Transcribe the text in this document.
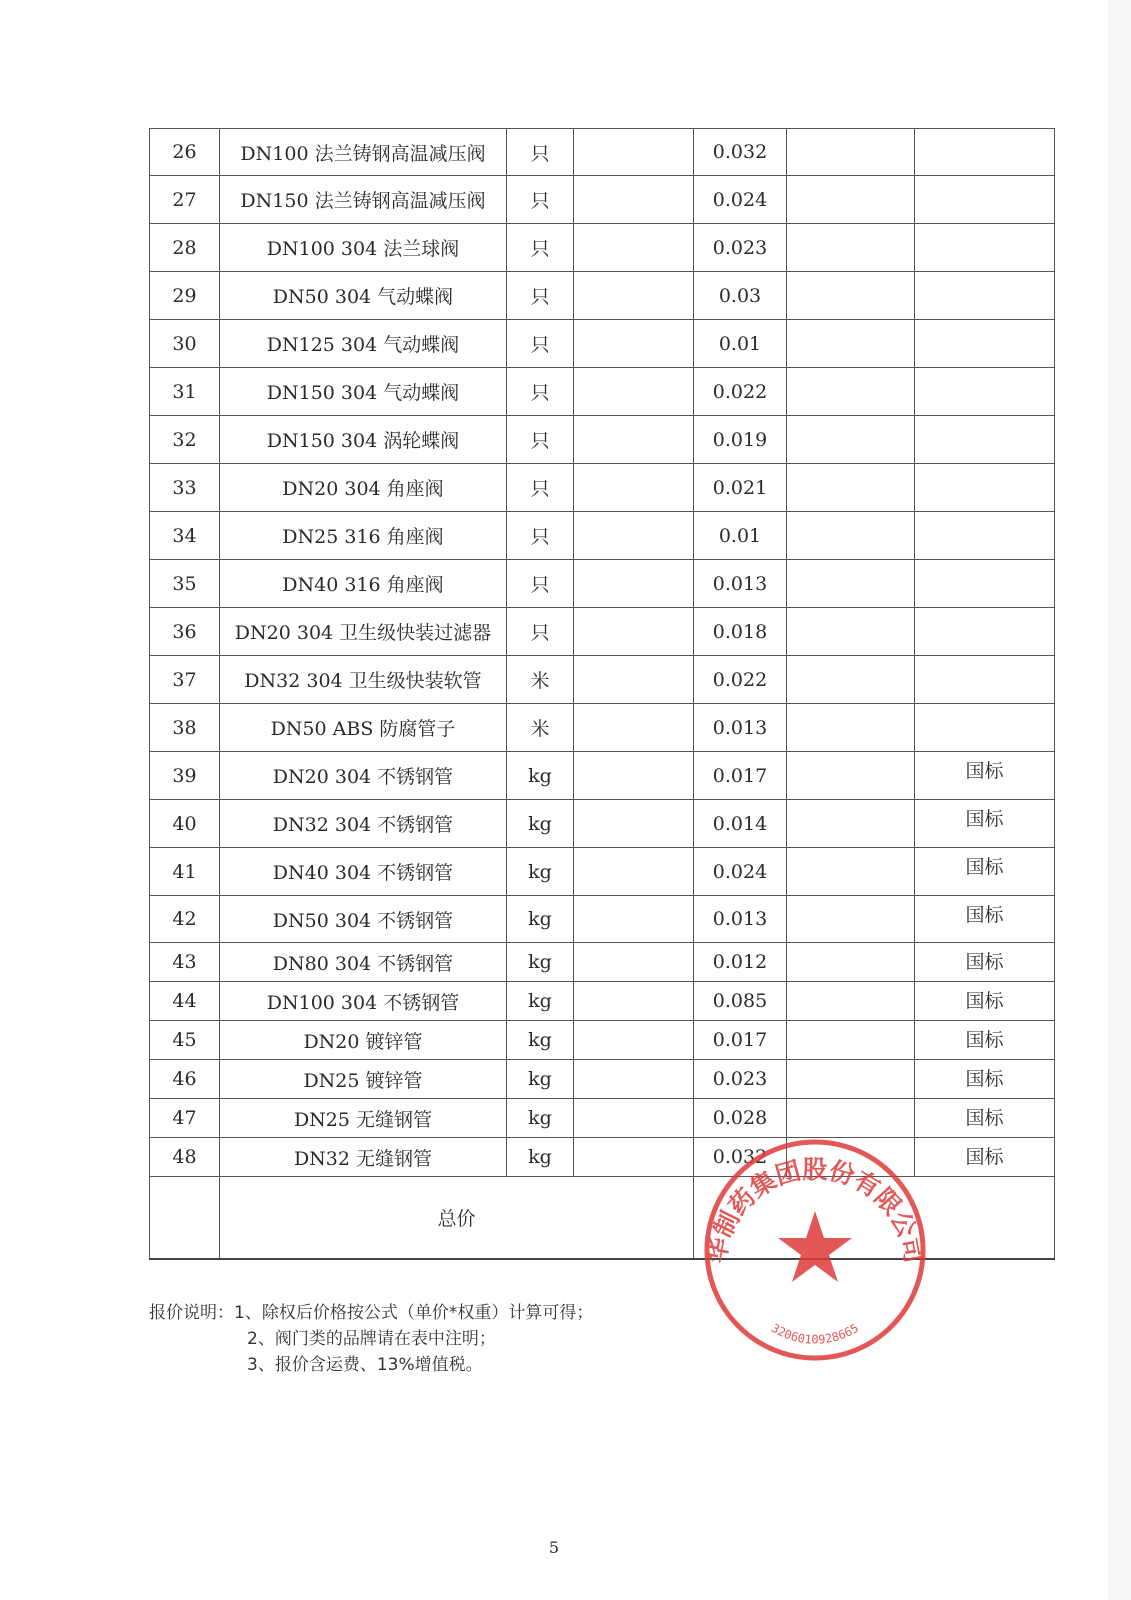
26	DN100 法兰铸钢高温减压阀	只		0.032		
27	DN150 法兰铸钢高温减压阀	只		0.024		
28	DN100 304 法兰球阀	只		0.023		
29	DN50 304 气动蝶阀	只		0.03		
30	DN125 304 气动蝶阀	只		0.01		
31	DN150 304 气动蝶阀	只		0.022		
32	DN150 304 涡轮蝶阀	只		0.019		
33	DN20 304 角座阀	只		0.021		
34	DN25 316 角座阀	只		0.01		
35	DN40 316 角座阀	只		0.013		
36	DN20 304 卫生级快装过滤器	只		0.018		
37	DN32 304 卫生级快装软管	米		0.022		
38	DN50 ABS 防腐管子	米		0.013		
39	DN20 304 不锈钢管	kg		0.017		国标
40	DN32 304 不锈钢管	kg		0.014		国标
41	DN40 304 不锈钢管	kg		0.024		国标
42	DN50 304 不锈钢管	kg		0.013		国标
43	DN80 304 不锈钢管	kg		0.012		国标
44	DN100 304 不锈钢管	kg		0.085		国标
45	DN20 镀锌管	kg		0.017		国标
46	DN25 镀锌管	kg		0.023		国标
47	DN25 无缝钢管	kg		0.028		国标
48	DN32 无缝钢管	kg		0.032		国标
	总价					
报价说明：1、除权后价格按公式（单价*权重）计算可得；
2、阀门类的品牌请在表中注明；
3、报价含运费、13%增值税。
华制药集团股份有限公司
3206010928665
5
